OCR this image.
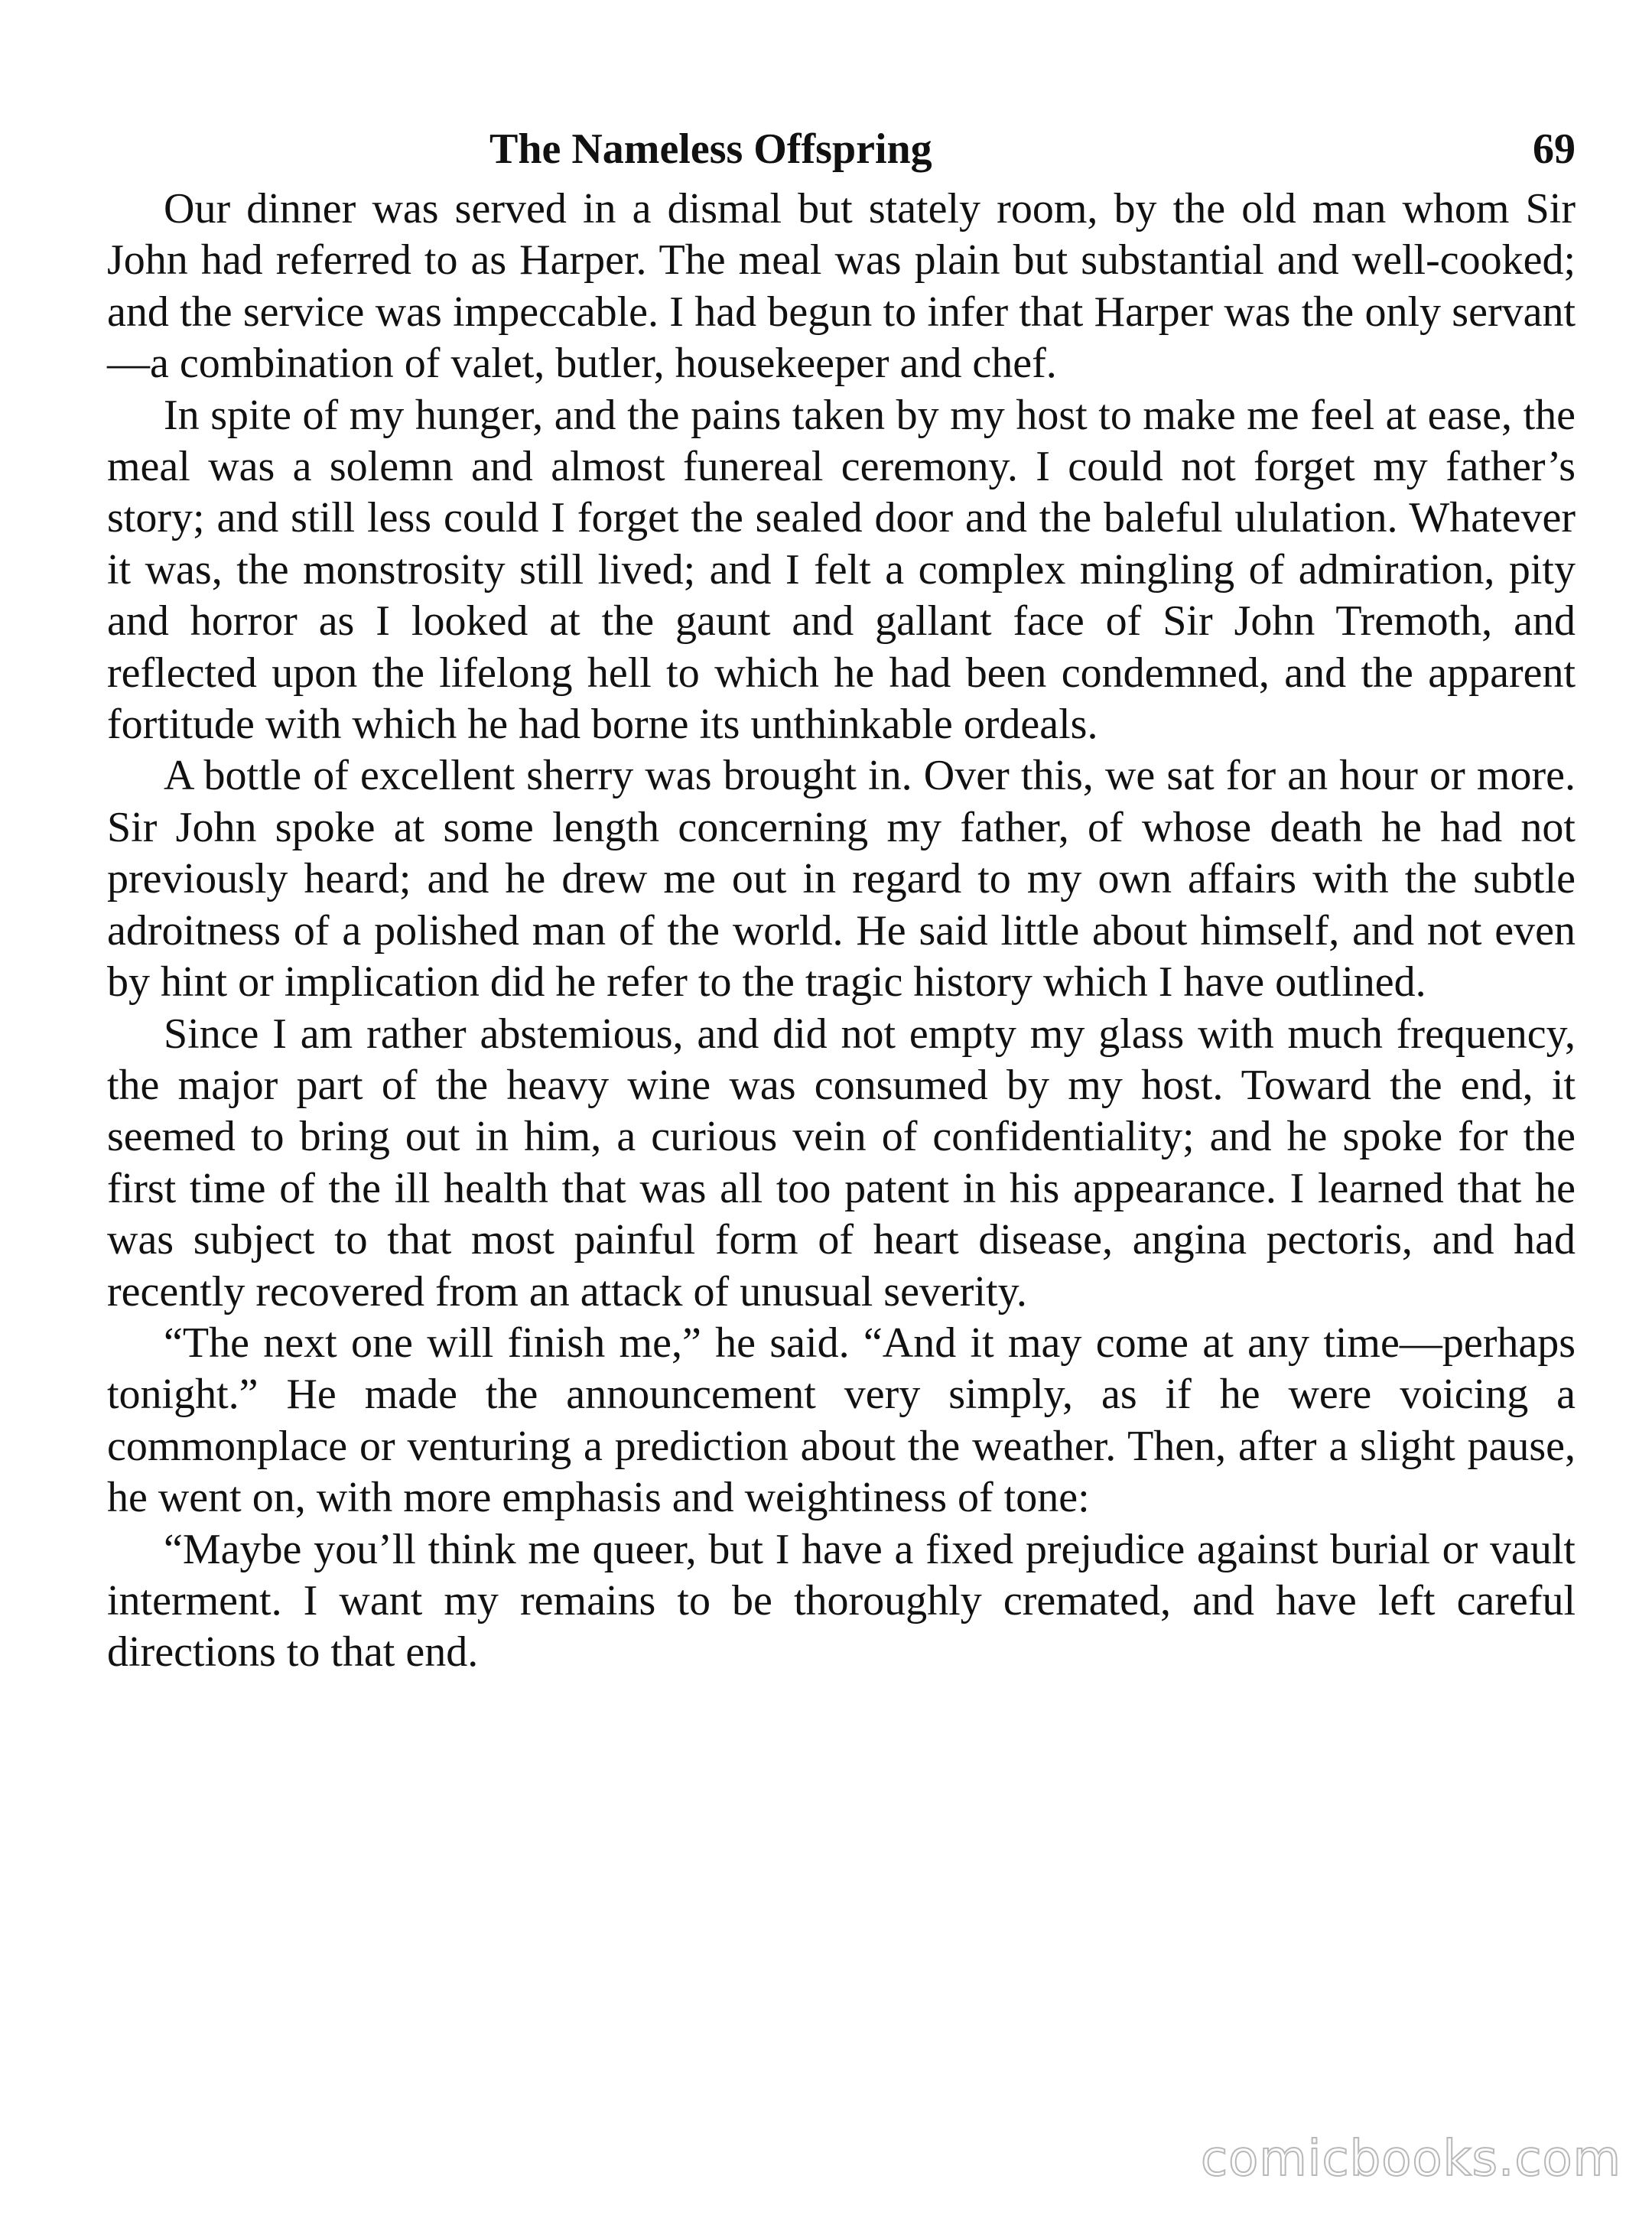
The Nameless Offspring	69

Our dinner was served in a dismal but stately room, by the old man whom Sir John had referred to as Harper. The meal was plain but substantial and well-cooked; and the service was impeccable. I had begun to infer that Harper was the only servant—a combination of valet, butler, housekeeper and chef.

In spite of my hunger, and the pains taken by my host to make me feel at ease, the meal was a solemn and almost funereal ceremony. I could not forget my father’s story; and still less could I forget the sealed door and the baleful ululation. Whatever it was, the monstrosity still lived; and I felt a complex mingling of admiration, pity and horror as I looked at the gaunt and gallant face of Sir John Tremoth, and reflected upon the lifelong hell to which he had been condemned, and the apparent fortitude with which he had borne its unthinkable ordeals.

A bottle of excellent sherry was brought in. Over this, we sat for an hour or more. Sir John spoke at some length concerning my father, of whose death he had not previously heard; and he drew me out in regard to my own affairs with the subtle adroitness of a polished man of the world. He said little about himself, and not even by hint or implication did he refer to the tragic history which I have outlined.

Since I am rather abstemious, and did not empty my glass with much frequency, the major part of the heavy wine was consumed by my host. Toward the end, it seemed to bring out in him, a curious vein of confidentiality; and he spoke for the first time of the ill health that was all too patent in his appearance. I learned that he was subject to that most painful form of heart disease, angina pectoris, and had recently recovered from an attack of unusual severity.

“The next one will finish me,” he said. “And it may come at any time—perhaps tonight.” He made the announcement very simply, as if he were voicing a commonplace or venturing a prediction about the weather. Then, after a slight pause, he went on, with more emphasis and weightiness of tone:

“Maybe you’ll think me queer, but I have a fixed prejudice against burial or vault interment. I want my remains to be thoroughly cremated, and have left careful directions to that end.

comicbooks.com
